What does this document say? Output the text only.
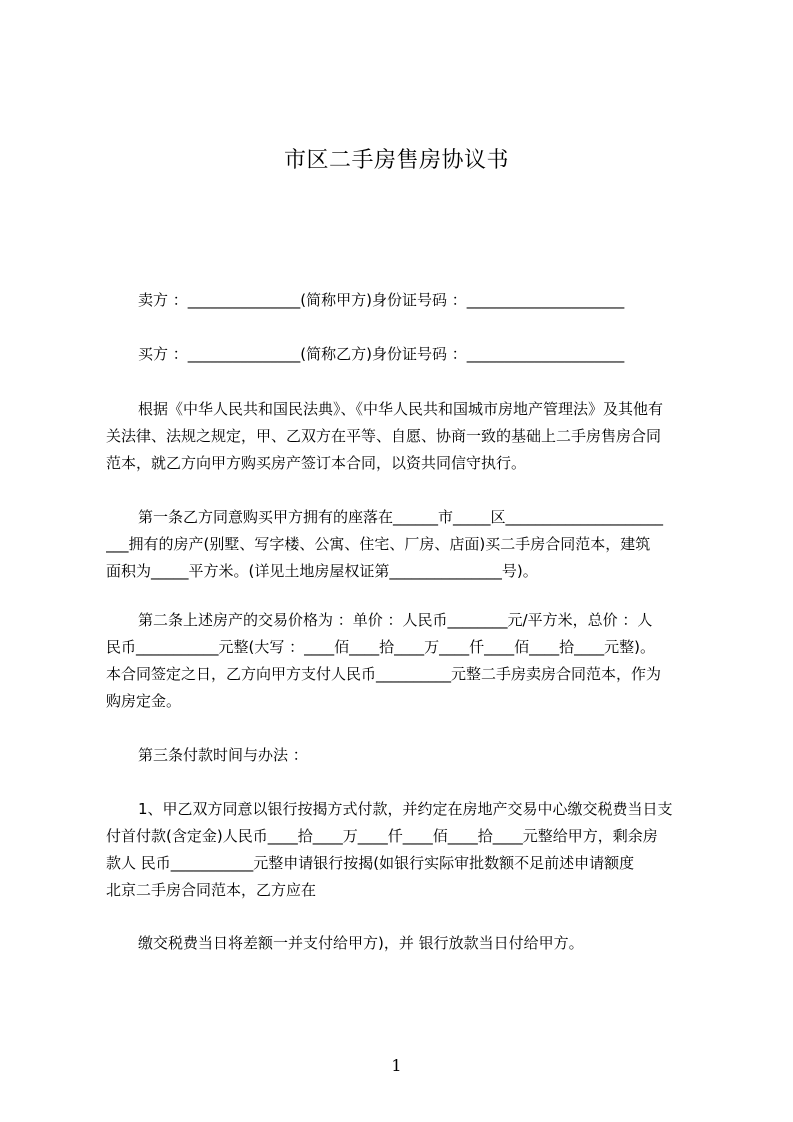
市区二手房售房协议书
卖方 ：_______________(简称甲方)身份证号码 ：_____________________
买方 ：_______________(简称乙方)身份证号码 ：_____________________
根据《中华人民共和国民法典》、《中华人民共和国城市房地产管理法》及其他有
关法律、法规之规定，甲、乙双方在平等、自愿、协商一致的基础上二手房售房合同
范本，就乙方向甲方购买房产签订本合同，以资共同信守执行。
第一条乙方同意购买甲方拥有的座落在______市_____区_____________________
___拥有的房产(别墅、写字楼、公寓、住宅、厂房、店面)买二手房合同范本，建筑
面积为_____平方米。(详见土地房屋权证第_______________号)。
第二条上述房产的交易价格为 ：单价 ：人民币________元/平方米，总价 ：人
民币___________元整(大写 ：____佰____拾____万____仟____佰____拾____元整)。
本合同签定之日，乙方向甲方支付人民币__________元整二手房卖房合同范本，作为
购房定金。
第三条付款时间与办法 ：
1、甲乙双方同意以银行按揭方式付款，并约定在房地产交易中心缴交税费当日支
付首付款(含定金)人民币____拾____万____仟____佰____拾____元整给甲方，剩余房
款人 民币___________元整申请银行按揭(如银行实际审批数额不足前述申请额度
北京二手房合同范本，乙方应在
缴交税费当日将差额一并支付给甲方)，并 银行放款当日付给甲方。
1
